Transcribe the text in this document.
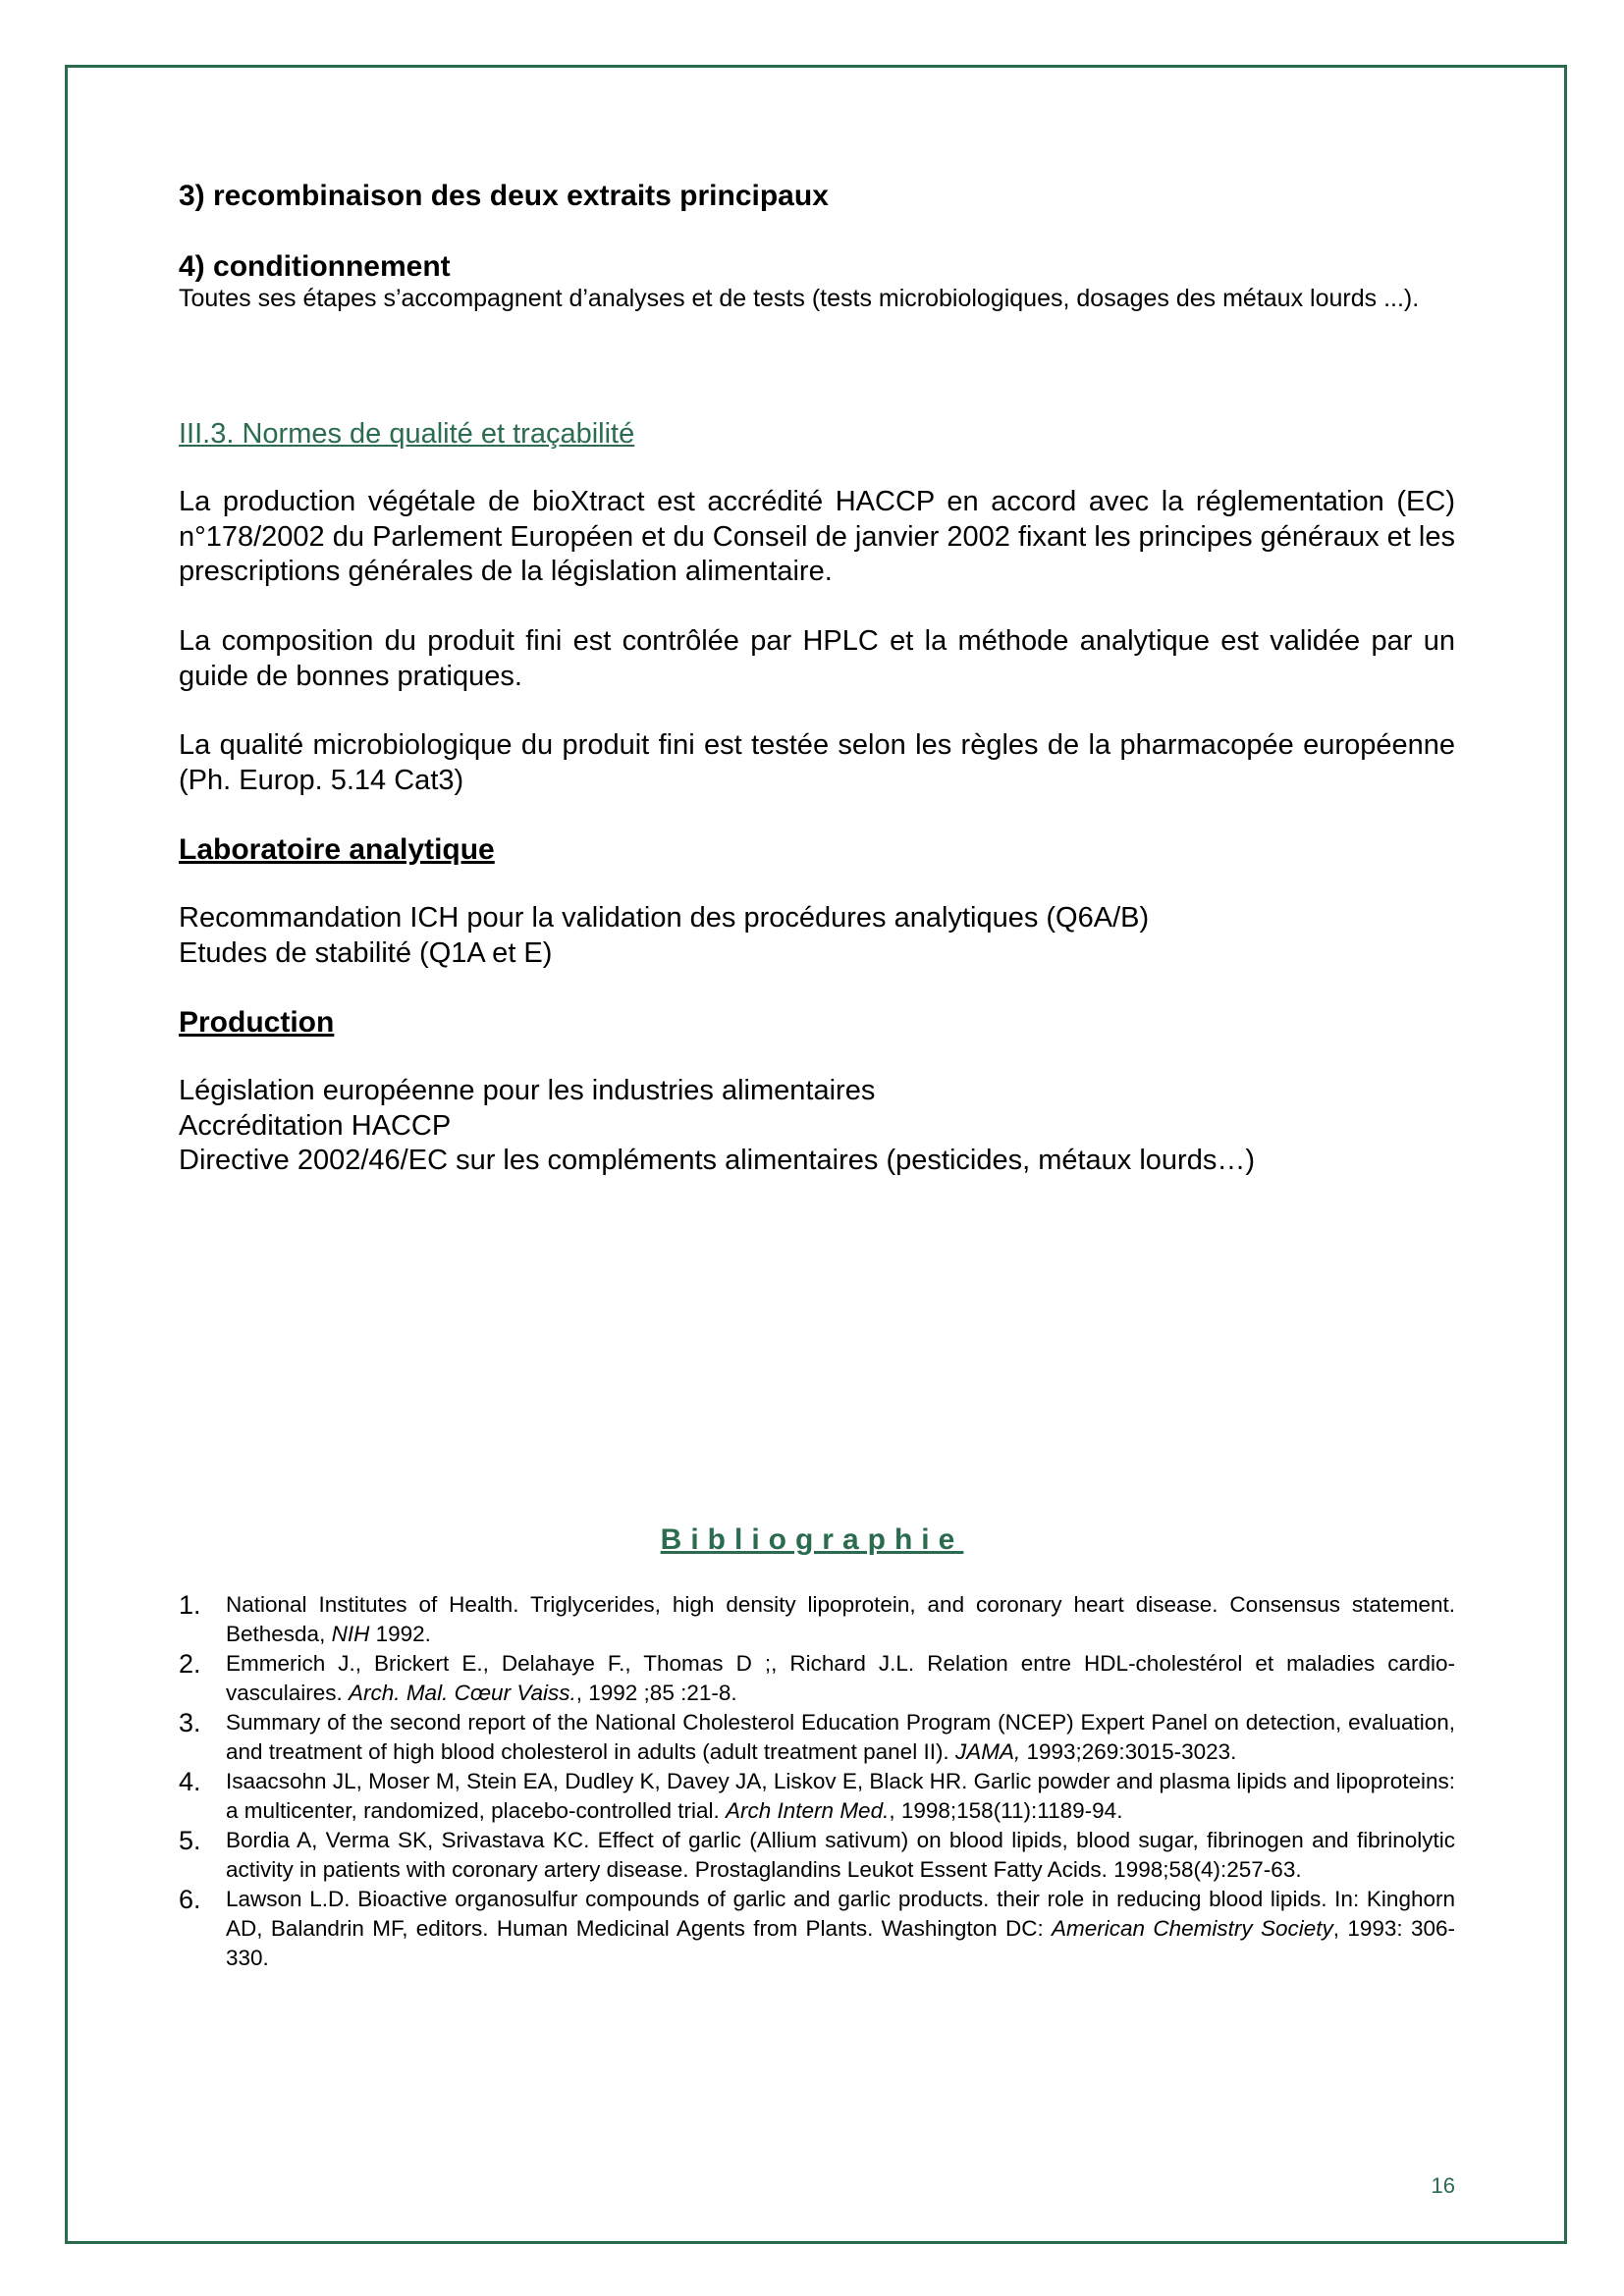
3) recombinaison des deux extraits principaux

4) conditionnement

Toutes ses étapes s’accompagnent d’analyses et de tests (tests microbiologiques, dosages des métaux lourds ...).

III.3. Normes de qualité et traçabilité

La production végétale de bioXtract est accrédité HACCP en accord avec la réglementation (EC) n°178/2002 du Parlement Européen et du Conseil de janvier 2002 fixant les principes généraux et les prescriptions générales de la législation alimentaire.

La composition du produit fini est contrôlée par HPLC et la méthode analytique est validée par un guide de bonnes pratiques.

La qualité microbiologique du produit fini est testée selon les règles de la pharmacopée européenne (Ph. Europ. 5.14 Cat3)

Laboratoire analytique

Recommandation ICH pour la validation des procédures analytiques (Q6A/B)

Etudes de stabilité (Q1A et E)

Production

Législation européenne pour les industries alimentaires

Accréditation HACCP

Directive 2002/46/EC sur les compléments alimentaires (pesticides, métaux lourds…)

Bibliographie

1. National Institutes of Health. Triglycerides, high density lipoprotein, and coronary heart disease. Consensus statement. Bethesda, NIH 1992.
2. Emmerich J., Brickert E., Delahaye F., Thomas D ;, Richard J.L. Relation entre HDL-cholestérol et maladies cardio-vasculaires. Arch. Mal. Cœur Vaiss., 1992 ;85 :21-8.
3. Summary of the second report of the National Cholesterol Education Program (NCEP) Expert Panel on detection, evaluation, and treatment of high blood cholesterol in adults (adult treatment panel II). JAMA, 1993;269:3015-3023.
4. Isaacsohn JL, Moser M, Stein EA, Dudley K, Davey JA, Liskov E, Black HR. Garlic powder and plasma lipids and lipoproteins: a multicenter, randomized, placebo-controlled trial. Arch Intern Med., 1998;158(11):1189-94.
5. Bordia A, Verma SK, Srivastava KC. Effect of garlic (Allium sativum) on blood lipids, blood sugar, fibrinogen and fibrinolytic activity in patients with coronary artery disease. Prostaglandins Leukot Essent Fatty Acids. 1998;58(4):257-63.
6. Lawson L.D. Bioactive organosulfur compounds of garlic and garlic products. their role in reducing blood lipids. In: Kinghorn AD, Balandrin MF, editors. Human Medicinal Agents from Plants. Washington DC: American Chemistry Society, 1993: 306-330.

16
